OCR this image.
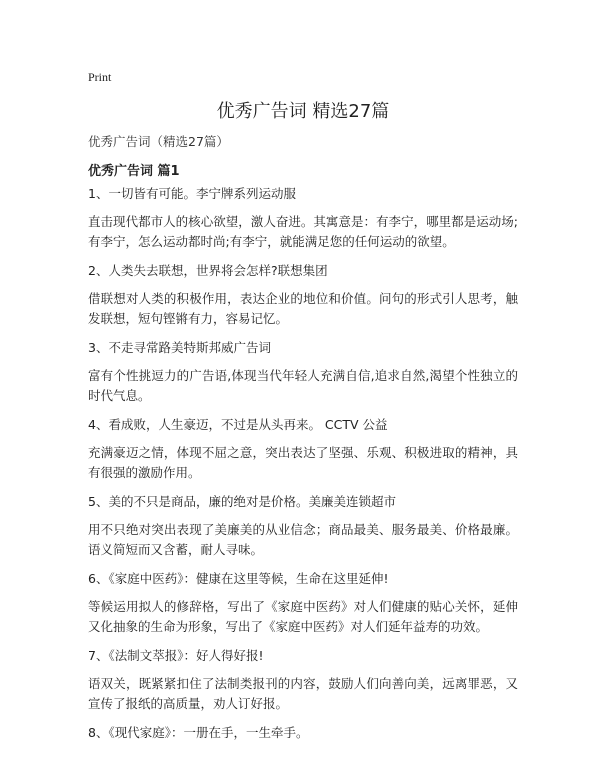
Print
优秀广告词 精选27篇
优秀广告词（精选27篇）
优秀广告词 篇1
1、一切皆有可能。李宁牌系列运动服
直击现代都市人的核心欲望，激人奋进。其寓意是：有李宁，哪里都是运动场;有李宁，怎么运动都时尚;有李宁，就能满足您的任何运动的欲望。
2、人类失去联想，世界将会怎样?联想集团
借联想对人类的积极作用，表达企业的地位和价值。问句的形式引人思考，触发联想，短句铿锵有力，容易记忆。
3、不走寻常路美特斯邦威广告词
富有个性挑逗力的广告语,体现当代年轻人充满自信,追求自然,渴望个性独立的时代气息。
4、看成败，人生豪迈，不过是从头再来。 CCTV 公益
充满豪迈之情，体现不屈之意，突出表达了坚强、乐观、积极进取的精神，具有很强的激励作用。
5、美的不只是商品，廉的绝对是价格。美廉美连锁超市
用不只绝对突出表现了美廉美的从业信念；商品最美、服务最美、价格最廉。语义简短而又含蓄，耐人寻味。
6、《家庭中医药》：健康在这里等候，生命在这里延伸!
等候运用拟人的修辞格，写出了《家庭中医药》对人们健康的贴心关怀，延伸又化抽象的生命为形象，写出了《家庭中医药》对人们延年益寿的功效。
7、《法制文萃报》：好人得好报!
语双关，既紧紧扣住了法制类报刊的内容，鼓励人们向善向美，远离罪恶，又宣传了报纸的高质量，劝人订好报。
8、《现代家庭》：一册在手，一生牵手。
